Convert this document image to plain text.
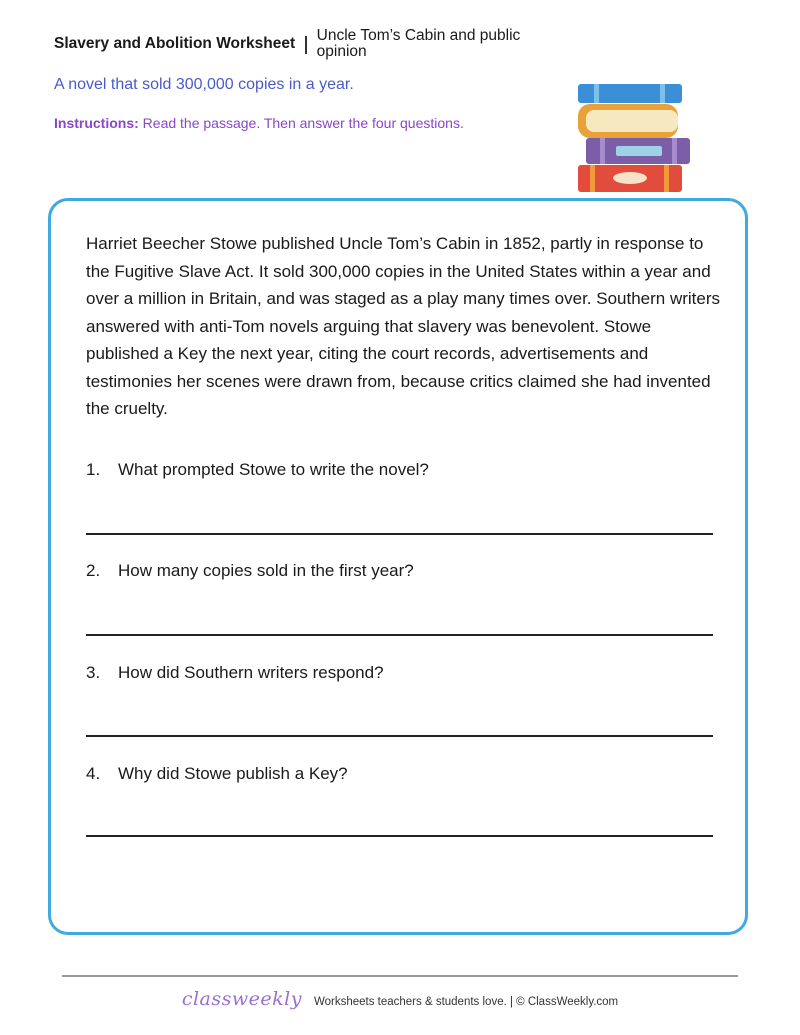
Slavery and Abolition Worksheet Uncle Tom’s Cabin and public opinion
A novel that sold 300,000 copies in a year.
Instructions: Read the passage. Then answer the four questions.
Harriet Beecher Stowe published Uncle Tom’s Cabin in 1852, partly in response to the Fugitive Slave Act. It sold 300,000 copies in the United States within a year and over a million in Britain, and was staged as a play many times over. Southern writers answered with anti-Tom novels arguing that slavery was benevolent. Stowe published a Key the next year, citing the court records, advertisements and testimonies her scenes were drawn from, because critics claimed she had invented the cruelty.
1. What prompted Stowe to write the novel?
2. How many copies sold in the first year?
3. How did Southern writers respond?
4. Why did Stowe publish a Key?
classweekly Worksheets teachers & students love. | © ClassWeekly.com
